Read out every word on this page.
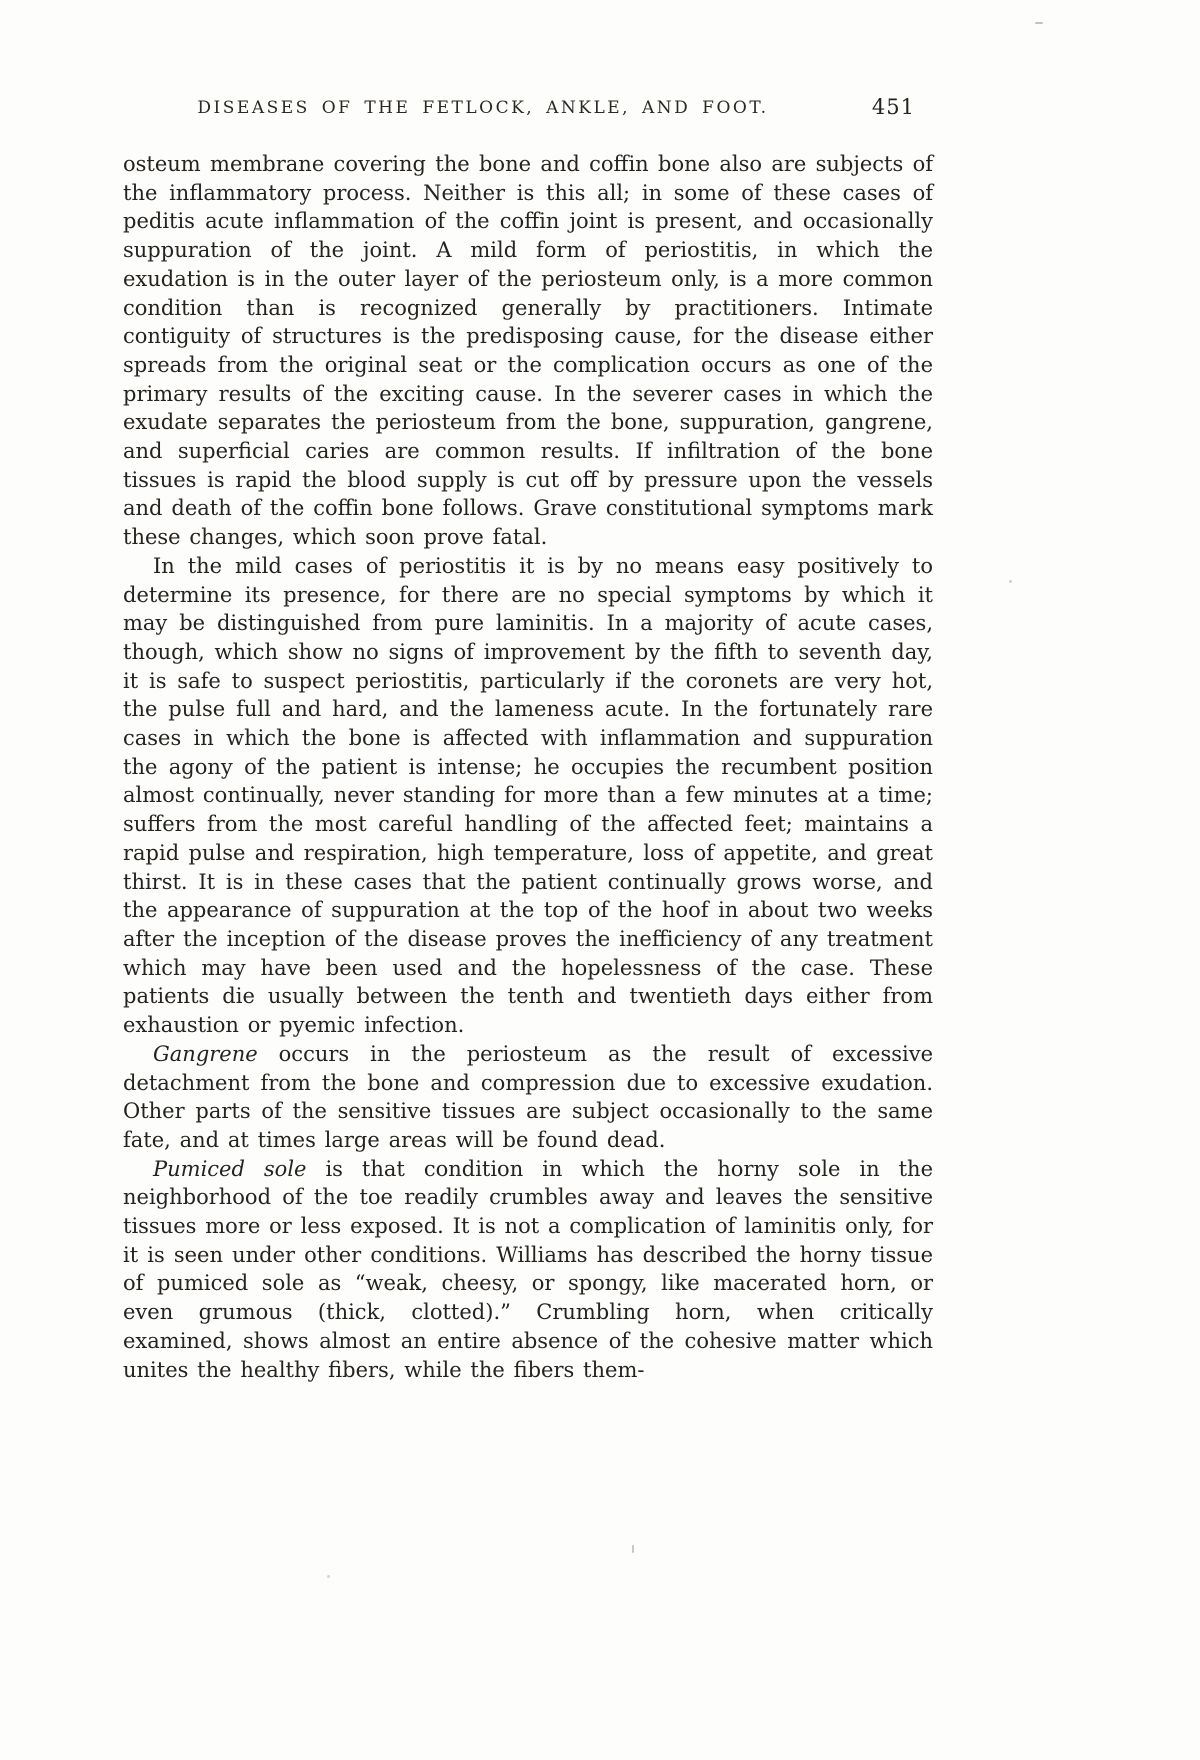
DISEASES OF THE FETLOCK, ANKLE, AND FOOT.	451

osteum membrane covering the bone and coffin bone also are subjects of the inflammatory process. Neither is this all; in some of these cases of peditis acute inflammation of the coffin joint is present, and occasionally suppuration of the joint. A mild form of periostitis, in which the exudation is in the outer layer of the periosteum only, is a more common condition than is recognized generally by practitioners. Intimate contiguity of structures is the predisposing cause, for the disease either spreads from the original seat or the complication occurs as one of the primary results of the exciting cause. In the severer cases in which the exudate separates the periosteum from the bone, suppuration, gangrene, and superficial caries are common results. If infiltration of the bone tissues is rapid the blood supply is cut off by pressure upon the vessels and death of the coffin bone follows. Grave constitutional symptoms mark these changes, which soon prove fatal.

In the mild cases of periostitis it is by no means easy positively to determine its presence, for there are no special symptoms by which it may be distinguished from pure laminitis. In a majority of acute cases, though, which show no signs of improvement by the fifth to seventh day, it is safe to suspect periostitis, particularly if the coronets are very hot, the pulse full and hard, and the lameness acute. In the fortunately rare cases in which the bone is affected with inflammation and suppuration the agony of the patient is intense; he occupies the recumbent position almost continually, never standing for more than a few minutes at a time; suffers from the most careful handling of the affected feet; maintains a rapid pulse and respiration, high temperature, loss of appetite, and great thirst. It is in these cases that the patient continually grows worse, and the appearance of suppuration at the top of the hoof in about two weeks after the inception of the disease proves the inefficiency of any treatment which may have been used and the hopelessness of the case. These patients die usually between the tenth and twentieth days either from exhaustion or pyemic infection.

Gangrene occurs in the periosteum as the result of excessive detachment from the bone and compression due to excessive exudation. Other parts of the sensitive tissues are subject occasionally to the same fate, and at times large areas will be found dead.

Pumiced sole is that condition in which the horny sole in the neighborhood of the toe readily crumbles away and leaves the sensitive tissues more or less exposed. It is not a complication of laminitis only, for it is seen under other conditions. Williams has described the horny tissue of pumiced sole as “weak, cheesy, or spongy, like macerated horn, or even grumous (thick, clotted).” Crumbling horn, when critically examined, shows almost an entire absence of the cohesive matter which unites the healthy fibers, while the fibers them-
